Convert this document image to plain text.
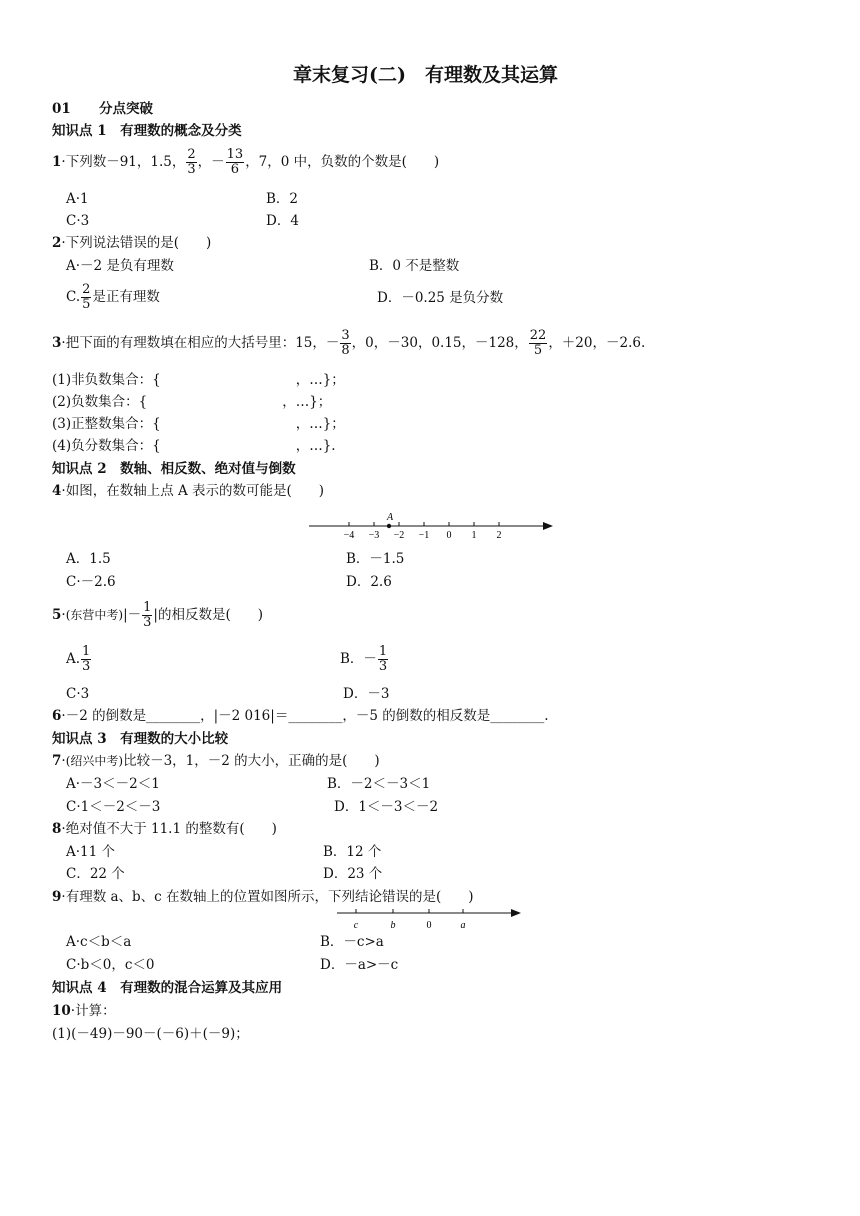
章末复习(二)　有理数及其运算
01 分点突破
知识点 1　有理数的概念及分类
1·下列数－91，1.5， $\frac{2}{3}$ ，－ $\frac{13}{6}$ ，7，0 中，负数的个数是(　　)
A·1	B．2
C·3	D．4
2·下列说法错误的是(　　)
A·－2 是负有理数	B．0 不是整数
C. $\frac{2}{5}$ 是正有理数	D．－0.25 是负分数
3·把下面的有理数填在相应的大括号里：15，－ $\frac{3}{8}$ ，0，－30，0.15，－128， $\frac{22}{5}$ ，＋20，－2.6.
(1)非负数集合：{　　　　　　　　　　，…}；
(2)负数集合：{　　　　　　　　　　，…}；
(3)正整数集合：{　　　　　　　　　　，…}；
(4)负分数集合：{　　　　　　　　　　，…}.
知识点 2　数轴、相反数、绝对值与倒数
4·如图，在数轴上点 A 表示的数可能是(　　)
−4 −3 −2 −1 0 1 2
A
A．1.5	B．－1.5
C·－2.6	D．2.6
5·(东营中考)|－ $\frac{1}{3}$ |的相反数是(　　)
A. $\frac{1}{3}$	B．－ $\frac{1}{3}$
C·3	D．－3
6·－2 的倒数是________，|－2 016|＝________，－5 的倒数的相反数是________.
知识点 3　有理数的大小比较
7·(绍兴中考)比较－3，1，－2 的大小，正确的是(　　)
A·－3＜－2＜1	B．－2＜－3＜1
C·1＜－2＜－3	D．1＜－3＜－2
8·绝对值不大于 11.1 的整数有(　　)
A·11 个	B．12 个
C．22 个	D．23 个
9·有理数 a、b、c 在数轴上的位置如图所示，下列结论错误的是(　　)
c	b	0	a
A·c＜b＜a	B．－c>a
C·b＜0，c＜0	D．－a>－c
知识点 4　有理数的混合运算及其应用
10·计算：
(1)(－49)－90－(－6)＋(－9)；
